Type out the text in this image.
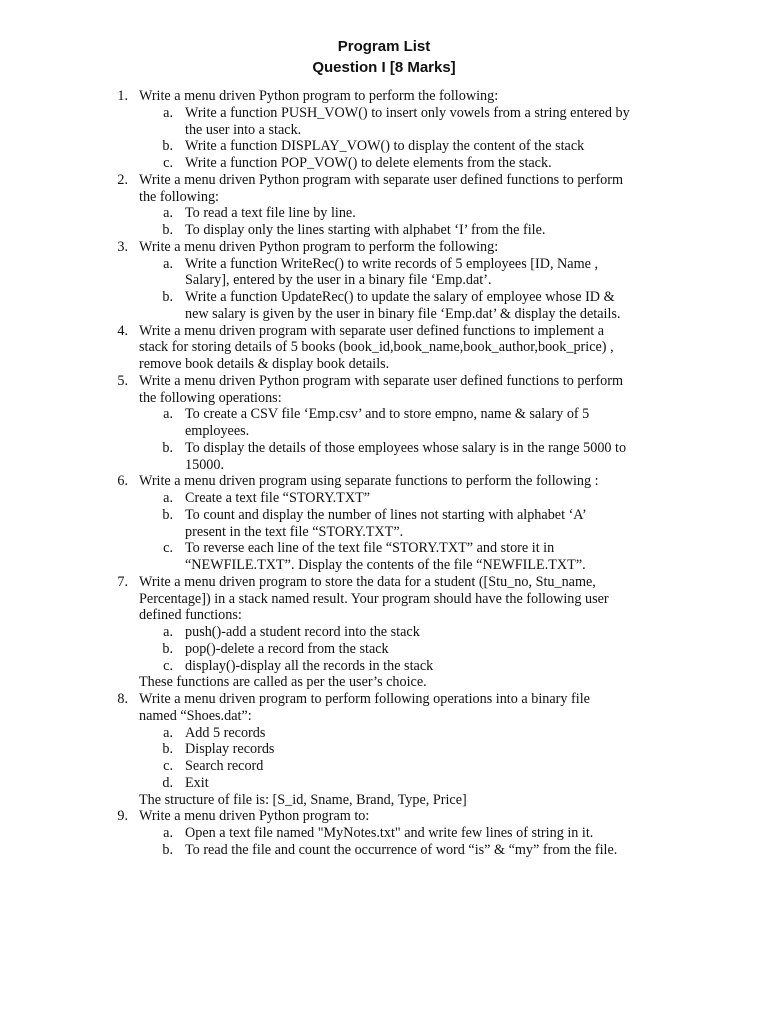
Program List
Question I [8 Marks]
1. Write a menu driven Python program to perform the following:
a. Write a function PUSH_VOW() to insert only vowels from a string entered by
the user into a stack.
b. Write a function DISPLAY_VOW() to display the content of the stack
c. Write a function POP_VOW() to delete elements from the stack.
2. Write a menu driven Python program with separate user defined functions to perform
the following:
a. To read a text file line by line.
b. To display only the lines starting with alphabet ‘I’ from the file.
3. Write a menu driven Python program to perform the following:
a. Write a function WriteRec() to write records of 5 employees [ID, Name ,
Salary], entered by the user in a binary file ‘Emp.dat’.
b. Write a function UpdateRec() to update the salary of employee whose ID &
new salary is given by the user in binary file ‘Emp.dat’ & display the details.
4. Write a menu driven program with separate user defined functions to implement a
stack for storing details of 5 books (book_id,book_name,book_author,book_price) ,
remove book details & display book details.
5. Write a menu driven Python program with separate user defined functions to perform
the following operations:
a. To create a CSV file ‘Emp.csv’ and to store empno, name & salary of 5
employees.
b. To display the details of those employees whose salary is in the range 5000 to
15000.
6. Write a menu driven program using separate functions to perform the following :
a. Create a text file “STORY.TXT”
b. To count and display the number of lines not starting with alphabet ‘A’
present in the text file “STORY.TXT”.
c. To reverse each line of the text file “STORY.TXT” and store it in
“NEWFILE.TXT”. Display the contents of the file “NEWFILE.TXT”.
7. Write a menu driven program to store the data for a student ([Stu_no, Stu_name,
Percentage]) in a stack named result. Your program should have the following user
defined functions:
a. push()-add a student record into the stack
b. pop()-delete a record from the stack
c. display()-display all the records in the stack
These functions are called as per the user’s choice.
8. Write a menu driven program to perform following operations into a binary file
named “Shoes.dat”:
a. Add 5 records
b. Display records
c. Search record
d. Exit
The structure of file is: [S_id, Sname, Brand, Type, Price]
9. Write a menu driven Python program to:
a. Open a text file named "MyNotes.txt" and write few lines of string in it.
b. To read the file and count the occurrence of word “is” & “my” from the file.
